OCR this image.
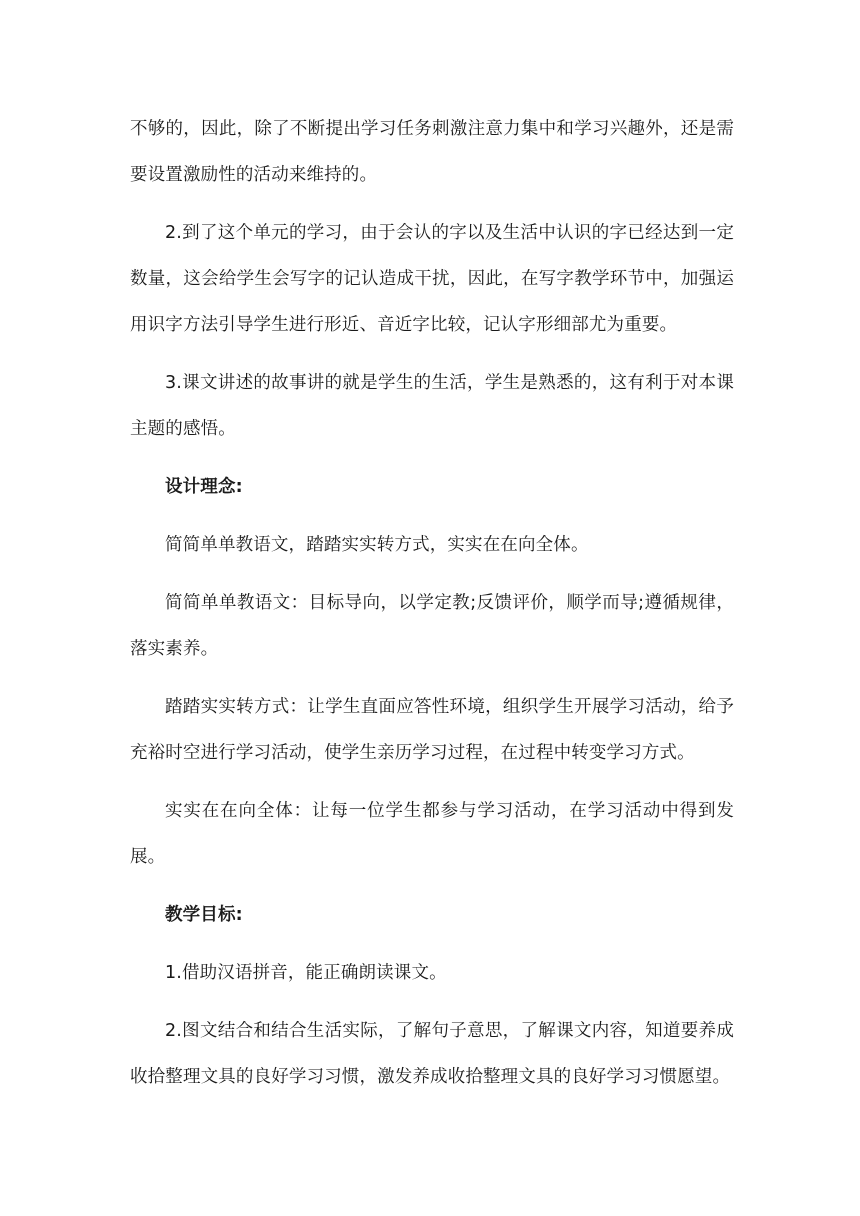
不够的，因此，除了不断提出学习任务刺激注意力集中和学习兴趣外，还是需要设置激励性的活动来维持的。

2.到了这个单元的学习，由于会认的字以及生活中认识的字已经达到一定数量，这会给学生会写字的记认造成干扰，因此，在写字教学环节中，加强运用识字方法引导学生进行形近、音近字比较，记认字形细部尤为重要。

3.课文讲述的故事讲的就是学生的生活，学生是熟悉的，这有利于对本课主题的感悟。

设计理念:

简简单单教语文，踏踏实实转方式，实实在在向全体。

简简单单教语文：目标导向，以学定教;反馈评价，顺学而导;遵循规律，落实素养。

踏踏实实转方式：让学生直面应答性环境，组织学生开展学习活动，给予充裕时空进行学习活动，使学生亲历学习过程，在过程中转变学习方式。

实实在在向全体：让每一位学生都参与学习活动，在学习活动中得到发展。

教学目标:

1.借助汉语拼音，能正确朗读课文。

2.图文结合和结合生活实际，了解句子意思，了解课文内容，知道要养成收拾整理文具的良好学习习惯，激发养成收拾整理文具的良好学习习惯愿望。
